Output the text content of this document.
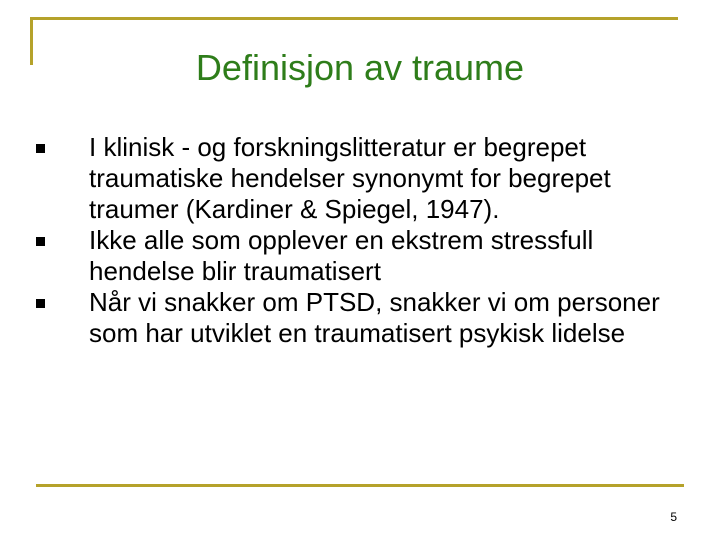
Definisjon av traume
I klinisk - og forskningslitteratur er begrepet traumatiske hendelser synonymt for begrepet traumer (Kardiner & Spiegel, 1947).
Ikke alle som opplever en ekstrem stressfull hendelse blir traumatisert
Når vi snakker om PTSD, snakker vi om personer som har utviklet en traumatisert psykisk lidelse
5
